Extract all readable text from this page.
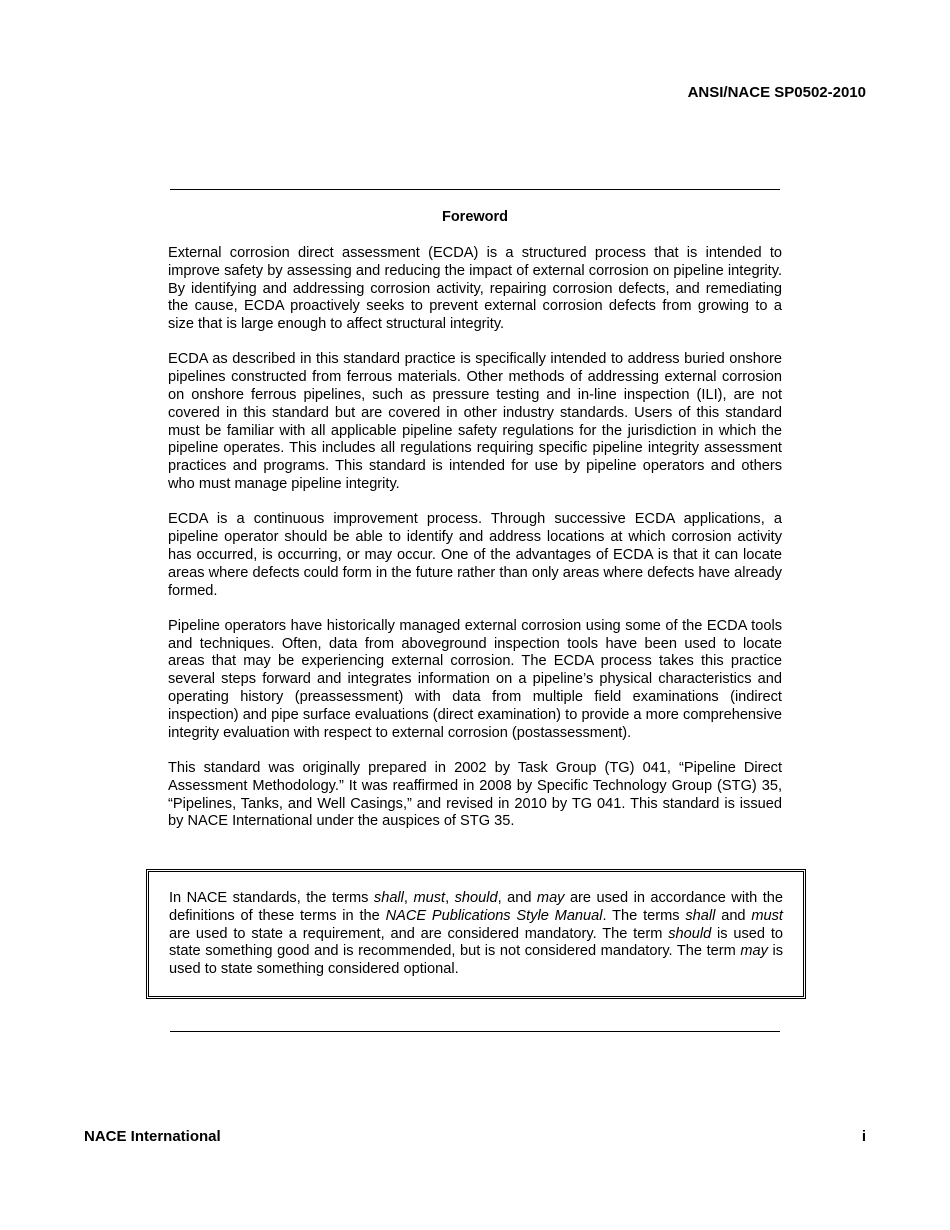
ANSI/NACE SP0502-2010
Foreword

External corrosion direct assessment (ECDA) is a structured process that is intended to improve safety by assessing and reducing the impact of external corrosion on pipeline integrity. By identifying and addressing corrosion activity, repairing corrosion defects, and remediating the cause, ECDA proactively seeks to prevent external corrosion defects from growing to a size that is large enough to affect structural integrity.

ECDA as described in this standard practice is specifically intended to address buried onshore pipelines constructed from ferrous materials. Other methods of addressing external corrosion on onshore ferrous pipelines, such as pressure testing and in-line inspection (ILI), are not covered in this standard but are covered in other industry standards. Users of this standard must be familiar with all applicable pipeline safety regulations for the jurisdiction in which the pipeline operates. This includes all regulations requiring specific pipeline integrity assessment practices and programs. This standard is intended for use by pipeline operators and others who must manage pipeline integrity.

ECDA is a continuous improvement process. Through successive ECDA applications, a pipeline operator should be able to identify and address locations at which corrosion activity has occurred, is occurring, or may occur. One of the advantages of ECDA is that it can locate areas where defects could form in the future rather than only areas where defects have already formed.

Pipeline operators have historically managed external corrosion using some of the ECDA tools and techniques. Often, data from aboveground inspection tools have been used to locate areas that may be experiencing external corrosion. The ECDA process takes this practice several steps forward and integrates information on a pipeline’s physical characteristics and operating history (preassessment) with data from multiple field examinations (indirect inspection) and pipe surface evaluations (direct examination) to provide a more comprehensive integrity evaluation with respect to external corrosion (postassessment).

This standard was originally prepared in 2002 by Task Group (TG) 041, “Pipeline Direct Assessment Methodology.” It was reaffirmed in 2008 by Specific Technology Group (STG) 35, “Pipelines, Tanks, and Well Casings,” and revised in 2010 by TG 041. This standard is issued by NACE International under the auspices of STG 35.

In NACE standards, the terms shall, must, should, and may are used in accordance with the definitions of these terms in the NACE Publications Style Manual. The terms shall and must are used to state a requirement, and are considered mandatory. The term should is used to state something good and is recommended, but is not considered mandatory. The term may is used to state something considered optional.

NACE International	i
